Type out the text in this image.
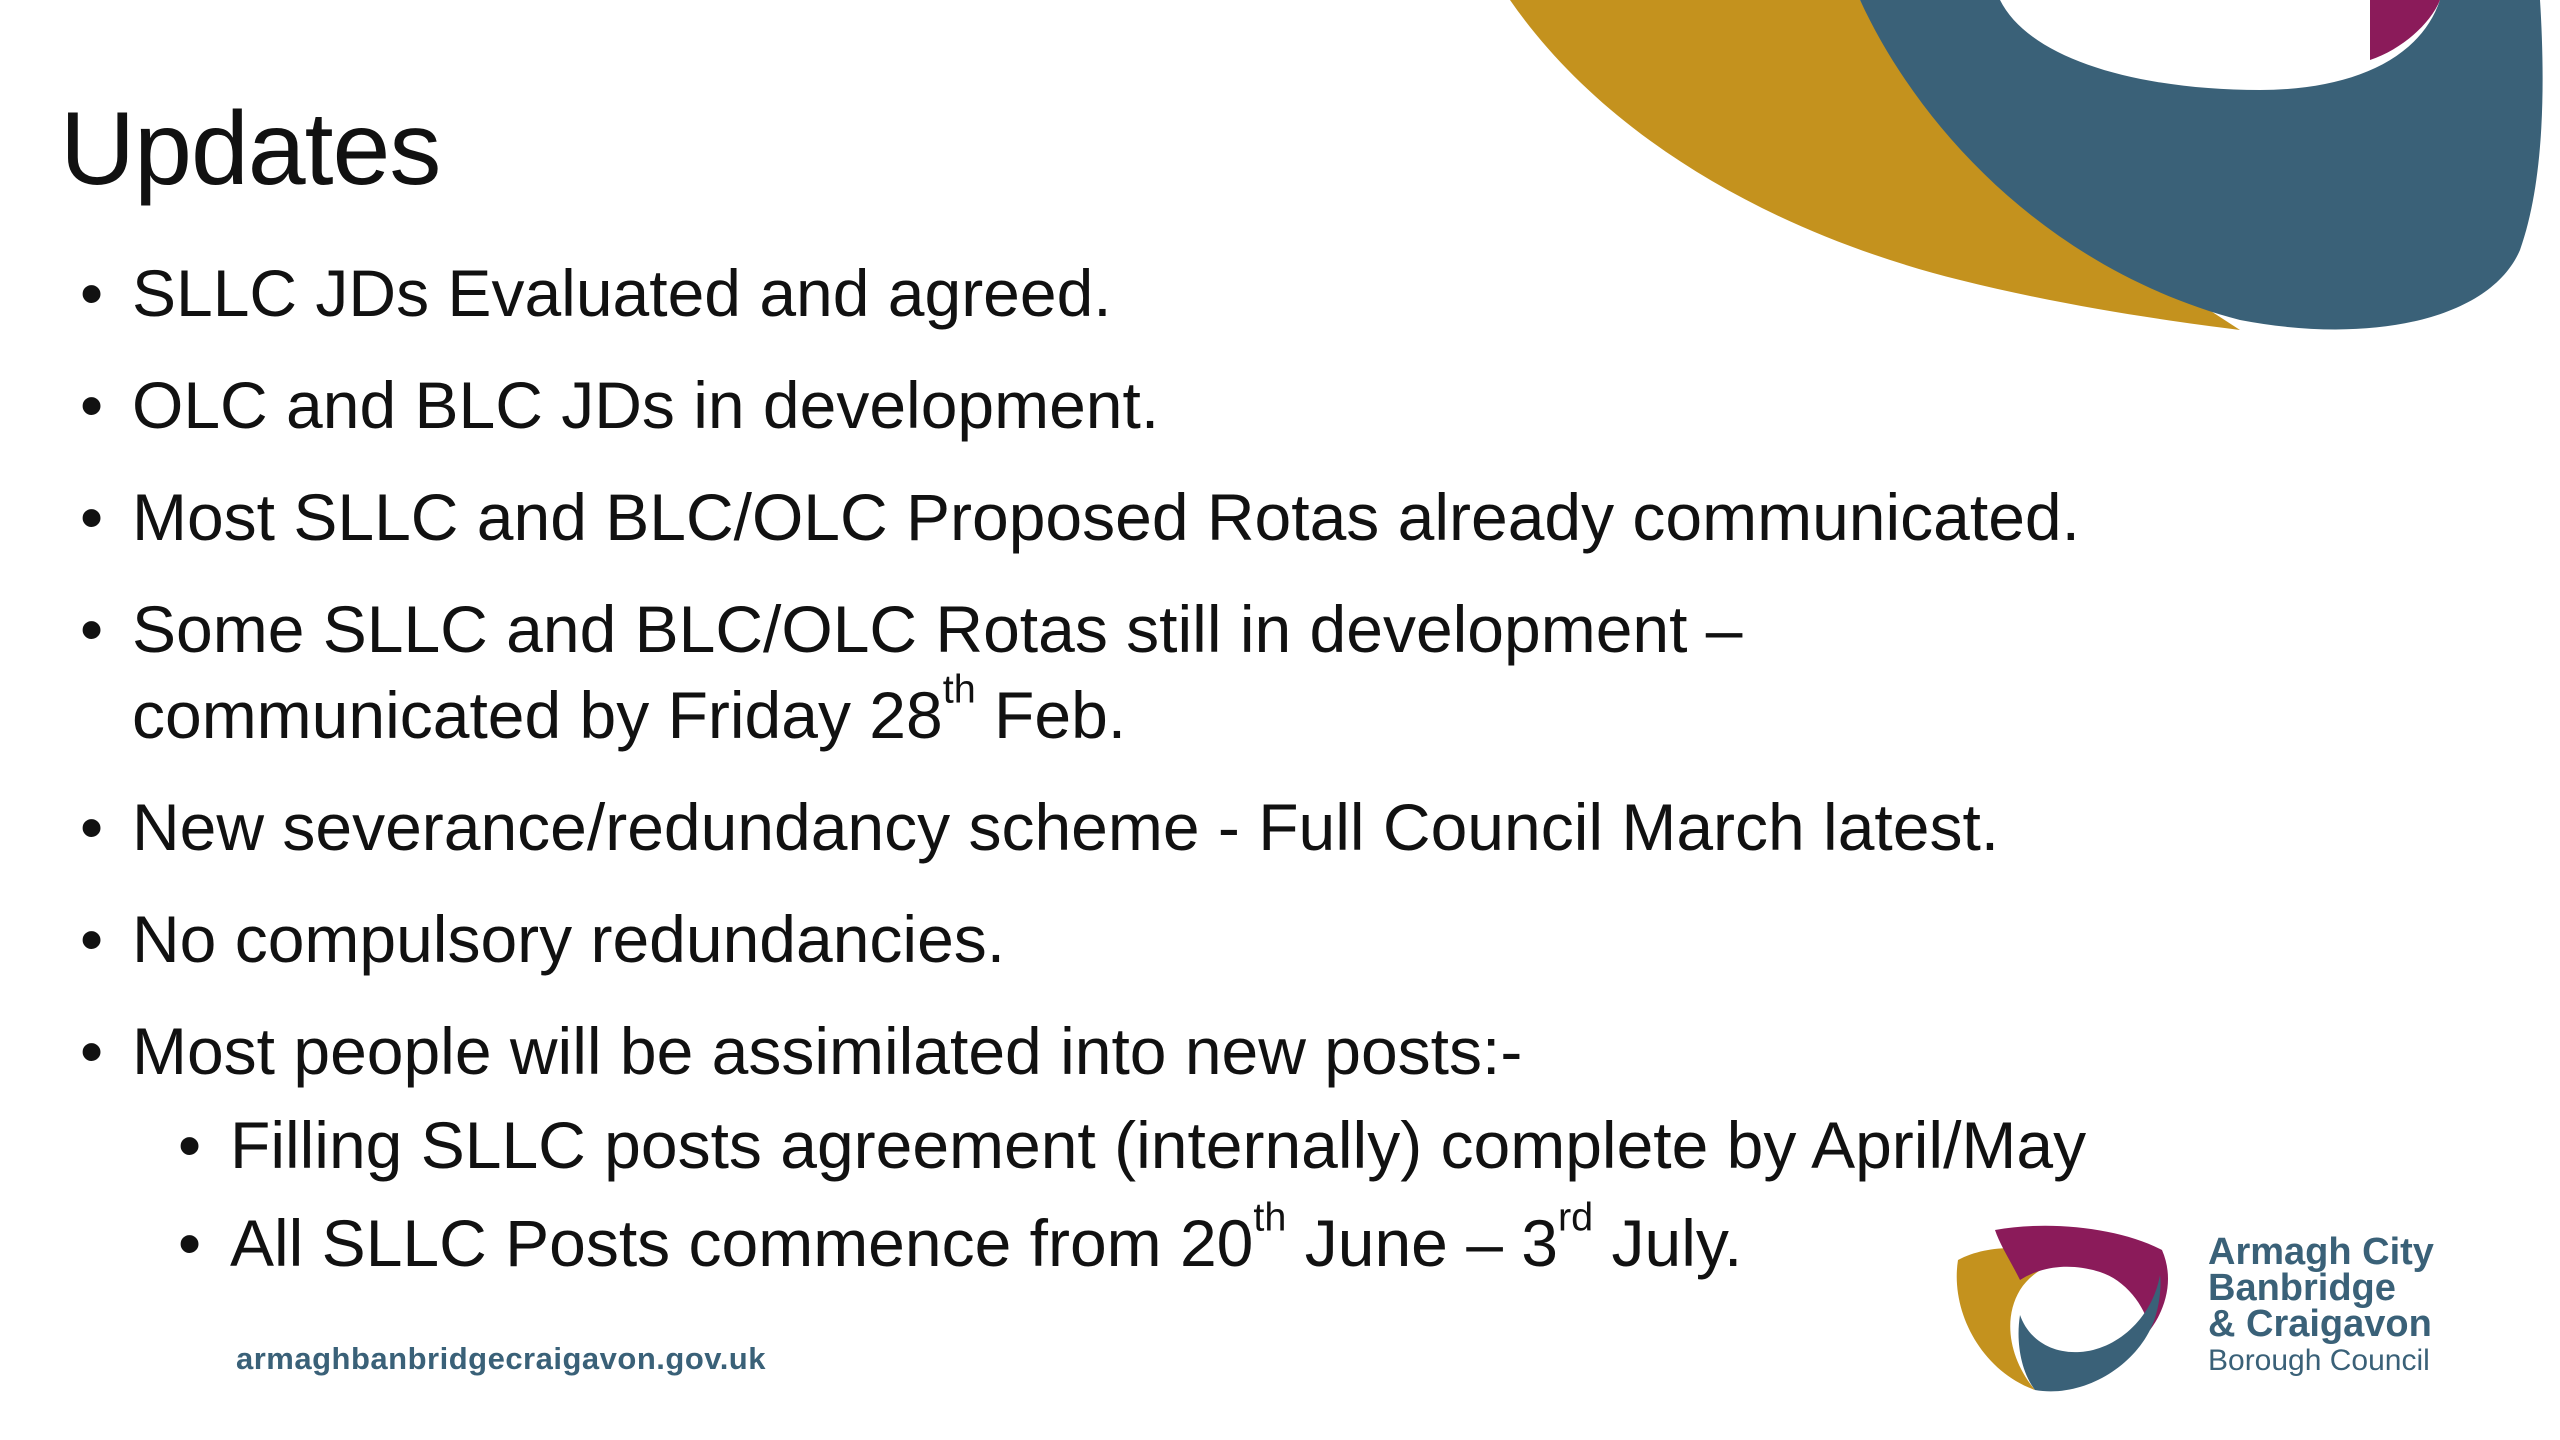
Updates
• SLLC JDs Evaluated and agreed.
• OLC and BLC JDs in development.
• Most SLLC and BLC/OLC Proposed Rotas already communicated.
• Some SLLC and BLC/OLC Rotas still in development –
communicated by Friday 28th Feb.
• New severance/redundancy scheme - Full Council March latest.
• No compulsory redundancies.
• Most people will be assimilated into new posts:-
• Filling SLLC posts agreement (internally) complete by April/May
• All SLLC Posts commence from 20th June – 3rd July.
armaghbanbridgecraigavon.gov.uk
Armagh City
Banbridge
& Craigavon
Borough Council
